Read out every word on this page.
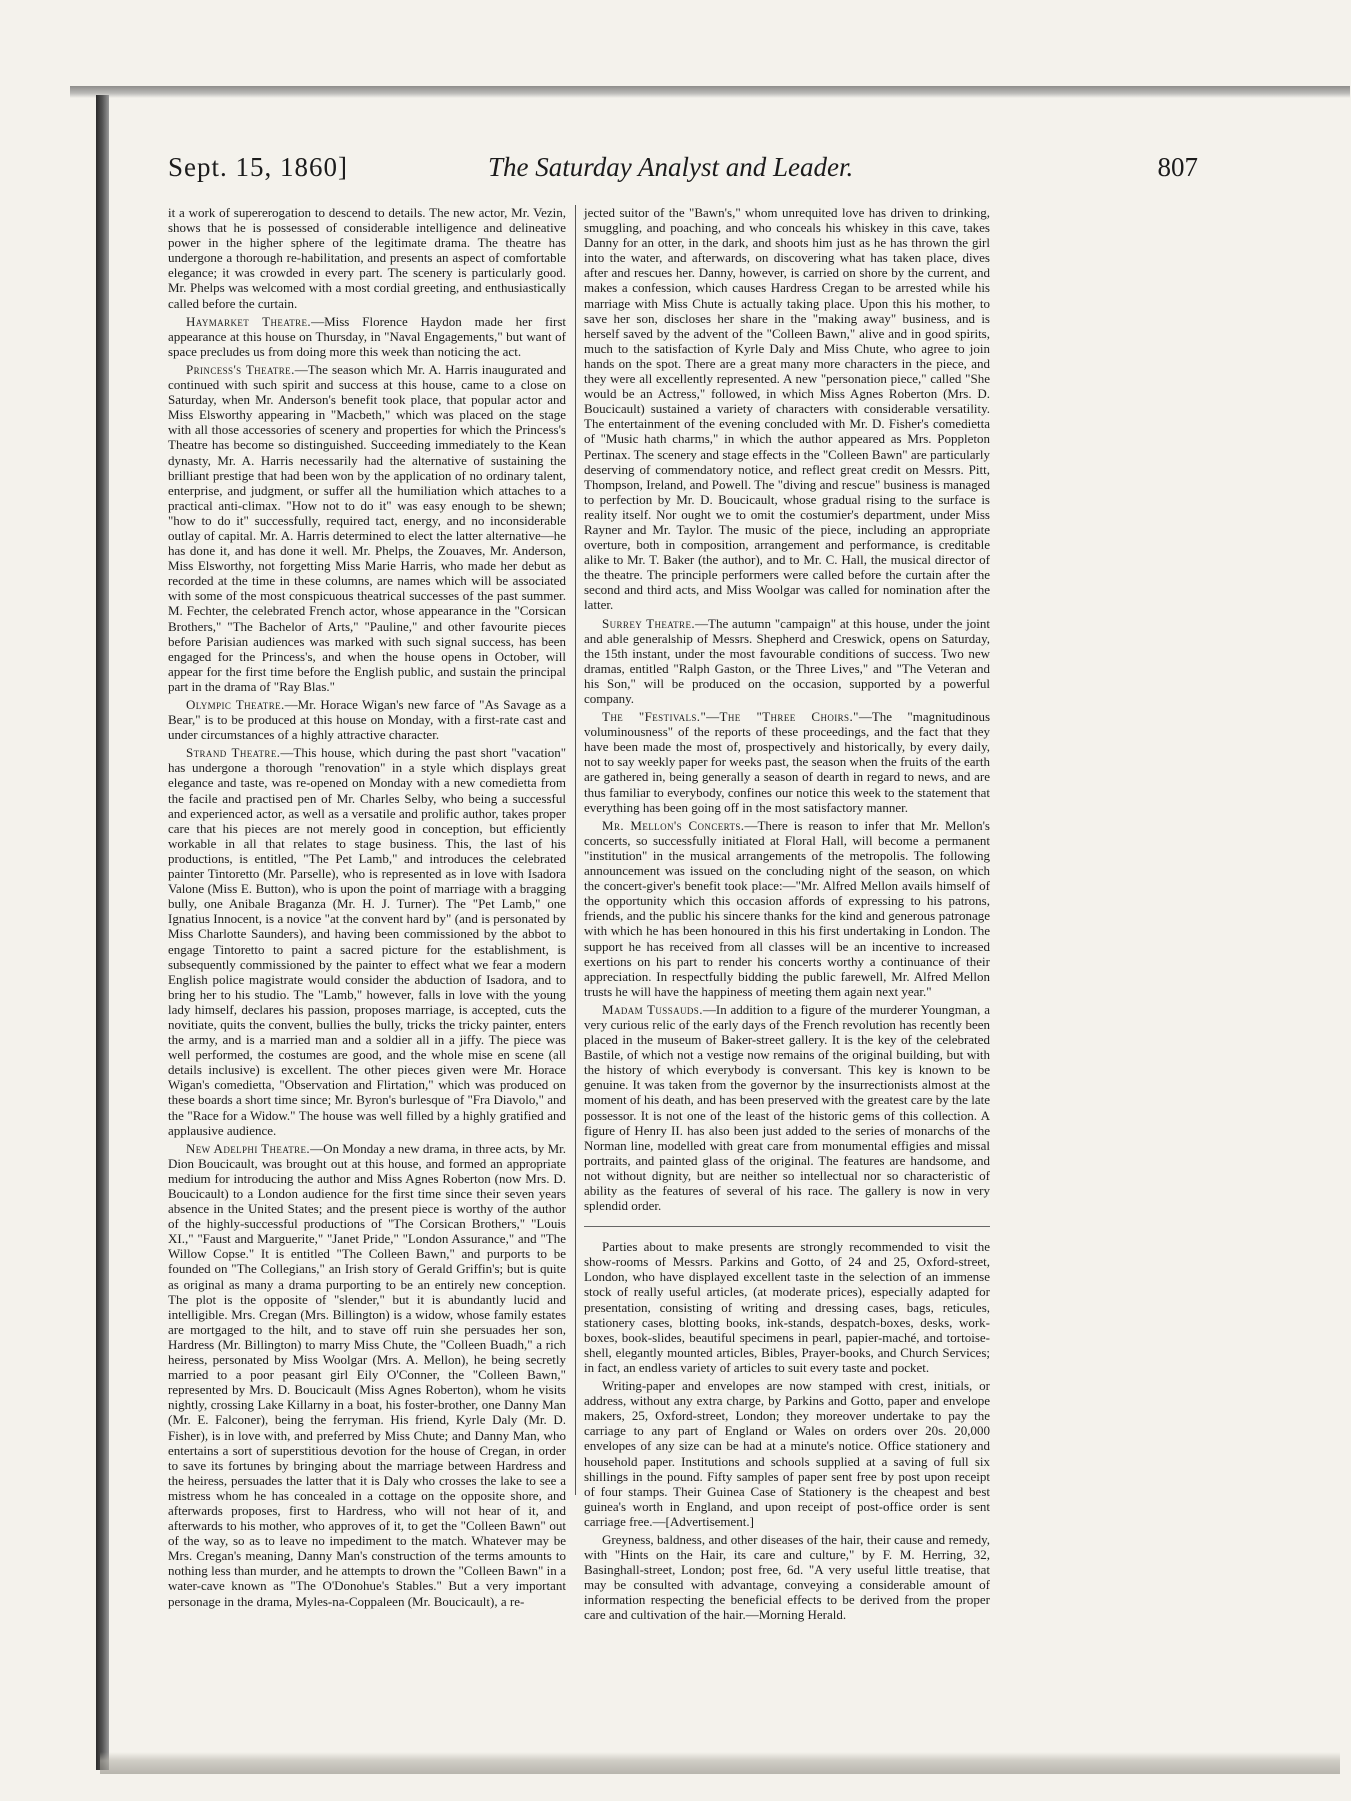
Sept. 15, 1860]	The Saturday Analyst and Leader.	807

it a work of supererogation to descend to details. The new actor, Mr. Vezin, shows that he is possessed of considerable intelligence and delineative power in the higher sphere of the legitimate drama. The theatre has undergone a thorough re-habilitation, and presents an aspect of comfortable elegance; it was crowded in every part. The scenery is particularly good. Mr. Phelps was welcomed with a most cordial greeting, and enthusiastically called before the curtain.

Haymarket Theatre.—Miss Florence Haydon made her first appearance at this house on Thursday, in "Naval Engagements," but want of space precludes us from doing more this week than noticing the act.

Princess's Theatre.—The season which Mr. A. Harris inaugurated and continued with such spirit and success at this house, came to a close on Saturday, when Mr. Anderson's benefit took place, that popular actor and Miss Elsworthy appearing in "Macbeth," which was placed on the stage with all those accessories of scenery and properties for which the Princess's Theatre has become so distinguished. Succeeding immediately to the Kean dynasty, Mr. A. Harris necessarily had the alternative of sustaining the brilliant prestige that had been won by the application of no ordinary talent, enterprise, and judgment, or suffer all the humiliation which attaches to a practical anti-climax. "How not to do it" was easy enough to be shewn; "how to do it" successfully, required tact, energy, and no inconsiderable outlay of capital. Mr. A. Harris determined to elect the latter alternative—he has done it, and has done it well. Mr. Phelps, the Zouaves, Mr. Anderson, Miss Elsworthy, not forgetting Miss Marie Harris, who made her debut as recorded at the time in these columns, are names which will be associated with some of the most conspicuous theatrical successes of the past summer. M. Fechter, the celebrated French actor, whose appearance in the "Corsican Brothers," "The Bachelor of Arts," "Pauline," and other favourite pieces before Parisian audiences was marked with such signal success, has been engaged for the Princess's, and when the house opens in October, will appear for the first time before the English public, and sustain the principal part in the drama of "Ray Blas."

Olympic Theatre.—Mr. Horace Wigan's new farce of "As Savage as a Bear," is to be produced at this house on Monday, with a first-rate cast and under circumstances of a highly attractive character.

Strand Theatre.—This house, which during the past short "vacation" has undergone a thorough "renovation" in a style which displays great elegance and taste, was re-opened on Monday with a new comedietta from the facile and practised pen of Mr. Charles Selby, who being a successful and experienced actor, as well as a versatile and prolific author, takes proper care that his pieces are not merely good in conception, but efficiently workable in all that relates to stage business. This, the last of his productions, is entitled, "The Pet Lamb," and introduces the celebrated painter Tintoretto (Mr. Parselle), who is represented as in love with Isadora Valone (Miss E. Button), who is upon the point of marriage with a bragging bully, one Anibale Braganza (Mr. H. J. Turner). The "Pet Lamb," one Ignatius Innocent, is a novice "at the convent hard by" (and is personated by Miss Charlotte Saunders), and having been commissioned by the abbot to engage Tintoretto to paint a sacred picture for the establishment, is subsequently commissioned by the painter to effect what we fear a modern English police magistrate would consider the abduction of Isadora, and to bring her to his studio. The "Lamb," however, falls in love with the young lady himself, declares his passion, proposes marriage, is accepted, cuts the novitiate, quits the convent, bullies the bully, tricks the tricky painter, enters the army, and is a married man and a soldier all in a jiffy. The piece was well performed, the costumes are good, and the whole mise en scene (all details inclusive) is excellent. The other pieces given were Mr. Horace Wigan's comedietta, "Observation and Flirtation," which was produced on these boards a short time since; Mr. Byron's burlesque of "Fra Diavolo," and the "Race for a Widow." The house was well filled by a highly gratified and applausive audience.

New Adelphi Theatre.—On Monday a new drama, in three acts, by Mr. Dion Boucicault, was brought out at this house, and formed an appropriate medium for introducing the author and Miss Agnes Roberton (now Mrs. D. Boucicault) to a London audience for the first time since their seven years absence in the United States; and the present piece is worthy of the author of the highly-successful productions of "The Corsican Brothers," "Louis XI.," "Faust and Marguerite," "Janet Pride," "London Assurance," and "The Willow Copse." It is entitled "The Colleen Bawn," and purports to be founded on "The Collegians," an Irish story of Gerald Griffin's; but is quite as original as many a drama purporting to be an entirely new conception. The plot is the opposite of "slender," but it is abundantly lucid and intelligible. Mrs. Cregan (Mrs. Billington) is a widow, whose family estates are mortgaged to the hilt, and to stave off ruin she persuades her son, Hardress (Mr. Billington) to marry Miss Chute, the "Colleen Buadh," a rich heiress, personated by Miss Woolgar (Mrs. A. Mellon), he being secretly married to a poor peasant girl Eily O'Conner, the "Colleen Bawn," represented by Mrs. D. Boucicault (Miss Agnes Roberton), whom he visits nightly, crossing Lake Killarny in a boat, his foster-brother, one Danny Man (Mr. E. Falconer), being the ferryman. His friend, Kyrle Daly (Mr. D. Fisher), is in love with, and preferred by Miss Chute; and Danny Man, who entertains a sort of superstitious devotion for the house of Cregan, in order to save its fortunes by bringing about the marriage between Hardress and the heiress, persuades the latter that it is Daly who crosses the lake to see a mistress whom he has concealed in a cottage on the opposite shore, and afterwards proposes, first to Hardress, who will not hear of it, and afterwards to his mother, who approves of it, to get the "Colleen Bawn" out of the way, so as to leave no impediment to the match. Whatever may be Mrs. Cregan's meaning, Danny Man's construction of the terms amounts to nothing less than murder, and he attempts to drown the "Colleen Bawn" in a water-cave known as "The O'Donohue's Stables." But a very important personage in the drama, Myles-na-Coppaleen (Mr. Boucicault), a re-

jected suitor of the "Bawn's," whom unrequited love has driven to drinking, smuggling, and poaching, and who conceals his whiskey in this cave, takes Danny for an otter, in the dark, and shoots him just as he has thrown the girl into the water, and afterwards, on discovering what has taken place, dives after and rescues her. Danny, however, is carried on shore by the current, and makes a confession, which causes Hardress Cregan to be arrested while his marriage with Miss Chute is actually taking place. Upon this his mother, to save her son, discloses her share in the "making away" business, and is herself saved by the advent of the "Colleen Bawn," alive and in good spirits, much to the satisfaction of Kyrle Daly and Miss Chute, who agree to join hands on the spot. There are a great many more characters in the piece, and they were all excellently represented. A new "personation piece," called "She would be an Actress," followed, in which Miss Agnes Roberton (Mrs. D. Boucicault) sustained a variety of characters with considerable versatility. The entertainment of the evening concluded with Mr. D. Fisher's comedietta of "Music hath charms," in which the author appeared as Mrs. Poppleton Pertinax. The scenery and stage effects in the "Colleen Bawn" are particularly deserving of commendatory notice, and reflect great credit on Messrs. Pitt, Thompson, Ireland, and Powell. The "diving and rescue" business is managed to perfection by Mr. D. Boucicault, whose gradual rising to the surface is reality itself. Nor ought we to omit the costumier's department, under Miss Rayner and Mr. Taylor. The music of the piece, including an appropriate overture, both in composition, arrangement and performance, is creditable alike to Mr. T. Baker (the author), and to Mr. C. Hall, the musical director of the theatre. The principle performers were called before the curtain after the second and third acts, and Miss Woolgar was called for nomination after the latter.

Surrey Theatre.—The autumn "campaign" at this house, under the joint and able generalship of Messrs. Shepherd and Creswick, opens on Saturday, the 15th instant, under the most favourable conditions of success. Two new dramas, entitled "Ralph Gaston, or the Three Lives," and "The Veteran and his Son," will be produced on the occasion, supported by a powerful company.

The "Festivals."—The "Three Choirs."—The "magnitudinous voluminousness" of the reports of these proceedings, and the fact that they have been made the most of, prospectively and historically, by every daily, not to say weekly paper for weeks past, the season when the fruits of the earth are gathered in, being generally a season of dearth in regard to news, and are thus familiar to everybody, confines our notice this week to the statement that everything has been going off in the most satisfactory manner.

Mr. Mellon's Concerts.—There is reason to infer that Mr. Mellon's concerts, so successfully initiated at Floral Hall, will become a permanent "institution" in the musical arrangements of the metropolis. The following announcement was issued on the concluding night of the season, on which the concert-giver's benefit took place:—"Mr. Alfred Mellon avails himself of the opportunity which this occasion affords of expressing to his patrons, friends, and the public his sincere thanks for the kind and generous patronage with which he has been honoured in this his first undertaking in London. The support he has received from all classes will be an incentive to increased exertions on his part to render his concerts worthy a continuance of their appreciation. In respectfully bidding the public farewell, Mr. Alfred Mellon trusts he will have the happiness of meeting them again next year."

Madam Tussauds.—In addition to a figure of the murderer Youngman, a very curious relic of the early days of the French revolution has recently been placed in the museum of Baker-street gallery. It is the key of the celebrated Bastile, of which not a vestige now remains of the original building, but with the history of which everybody is conversant. This key is known to be genuine. It was taken from the governor by the insurrectionists almost at the moment of his death, and has been preserved with the greatest care by the late possessor. It is not one of the least of the historic gems of this collection. A figure of Henry II. has also been just added to the series of monarchs of the Norman line, modelled with great care from monumental effigies and missal portraits, and painted glass of the original. The features are handsome, and not without dignity, but are neither so intellectual nor so characteristic of ability as the features of several of his race. The gallery is now in very splendid order.

Parties about to make presents are strongly recommended to visit the show-rooms of Messrs. Parkins and Gotto, of 24 and 25, Oxford-street, London, who have displayed excellent taste in the selection of an immense stock of really useful articles, (at moderate prices), especially adapted for presentation, consisting of writing and dressing cases, bags, reticules, stationery cases, blotting books, ink-stands, despatch-boxes, desks, work-boxes, book-slides, beautiful specimens in pearl, papier-maché, and tortoise-shell, elegantly mounted articles, Bibles, Prayer-books, and Church Services; in fact, an endless variety of articles to suit every taste and pocket.

Writing-paper and envelopes are now stamped with crest, initials, or address, without any extra charge, by Parkins and Gotto, paper and envelope makers, 25, Oxford-street, London; they moreover undertake to pay the carriage to any part of England or Wales on orders over 20s. 20,000 envelopes of any size can be had at a minute's notice. Office stationery and household paper. Institutions and schools supplied at a saving of full six shillings in the pound. Fifty samples of paper sent free by post upon receipt of four stamps. Their Guinea Case of Stationery is the cheapest and best guinea's worth in England, and upon receipt of post-office order is sent carriage free.—[Advertisement.]

Greyness, baldness, and other diseases of the hair, their cause and remedy, with "Hints on the Hair, its care and culture," by F. M. Herring, 32, Basinghall-street, London; post free, 6d. "A very useful little treatise, that may be consulted with advantage, conveying a considerable amount of information respecting the beneficial effects to be derived from the proper care and cultivation of the hair.—Morning Herald.
